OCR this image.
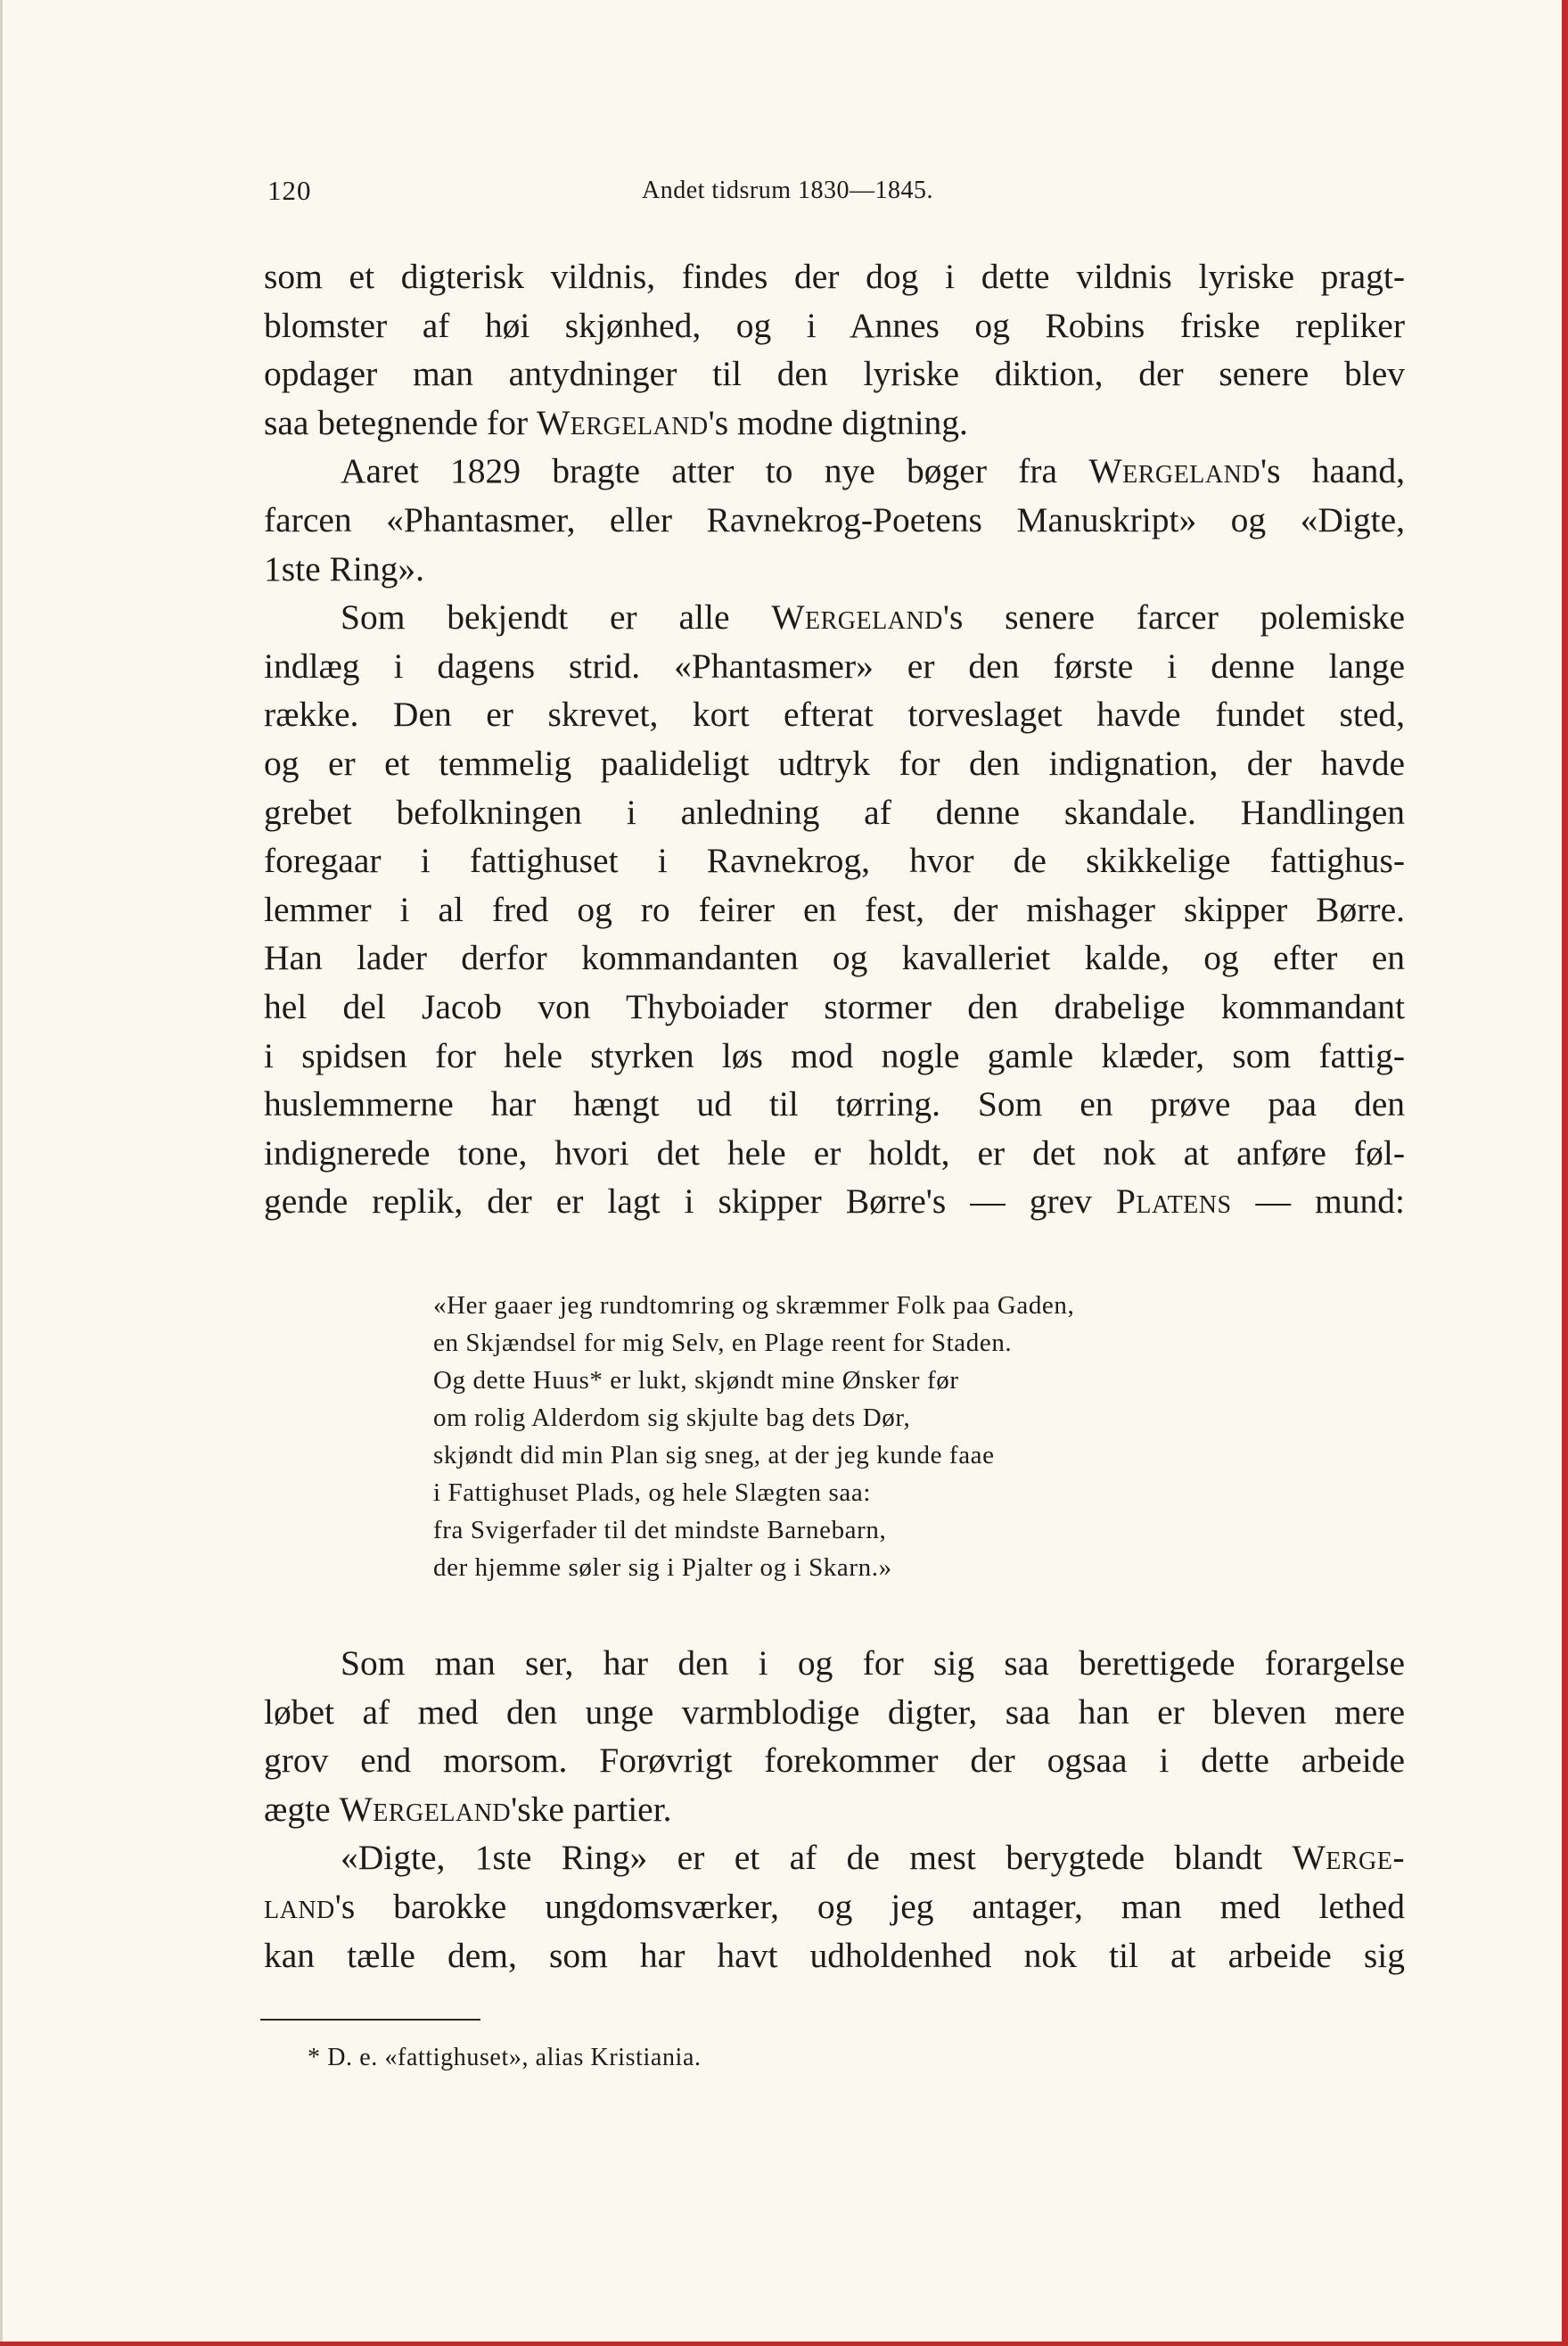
120	Andet tidsrum 1830—1845.
som et digterisk vildnis, findes der dog i dette vildnis lyriske pragt-
blomster af høi skjønhed, og i Annes og Robins friske repliker
opdager man antydninger til den lyriske diktion, der senere blev
saa betegnende for Wergeland's modne digtning.
Aaret 1829 bragte atter to nye bøger fra Wergeland's haand,
farcen «Phantasmer, eller Ravnekrog-Poetens Manuskript» og «Digte,
1ste Ring».
Som bekjendt er alle Wergeland's senere farcer polemiske
indlæg i dagens strid. «Phantasmer» er den første i denne lange
række. Den er skrevet, kort efterat torveslaget havde fundet sted,
og er et temmelig paalideligt udtryk for den indignation, der havde
grebet befolkningen i anledning af denne skandale. Handlingen
foregaar i fattighuset i Ravnekrog, hvor de skikkelige fattighus-
lemmer i al fred og ro feirer en fest, der mishager skipper Børre.
Han lader derfor kommandanten og kavalleriet kalde, og efter en
hel del Jacob von Thyboiader stormer den drabelige kommandant
i spidsen for hele styrken løs mod nogle gamle klæder, som fattig-
huslemmerne har hængt ud til tørring. Som en prøve paa den
indignerede tone, hvori det hele er holdt, er det nok at anføre føl-
gende replik, der er lagt i skipper Børre's — grev Platens — mund:
«Her gaaer jeg rundtomring og skræmmer Folk paa Gaden,
en Skjændsel for mig Selv, en Plage reent for Staden.
Og dette Huus* er lukt, skjøndt mine Ønsker før
om rolig Alderdom sig skjulte bag dets Dør,
skjøndt did min Plan sig sneg, at der jeg kunde faae
i Fattighuset Plads, og hele Slægten saa:
fra Svigerfader til det mindste Barnebarn,
der hjemme søler sig i Pjalter og i Skarn.»
Som man ser, har den i og for sig saa berettigede forargelse
løbet af med den unge varmblodige digter, saa han er bleven mere
grov end morsom. Forøvrigt forekommer der ogsaa i dette arbeide
ægte Wergeland'ske partier.
«Digte, 1ste Ring» er et af de mest berygtede blandt Werge-
land's barokke ungdomsværker, og jeg antager, man med lethed
kan tælle dem, som har havt udholdenhed nok til at arbeide sig
* D. e. «fattighuset», alias Kristiania.
